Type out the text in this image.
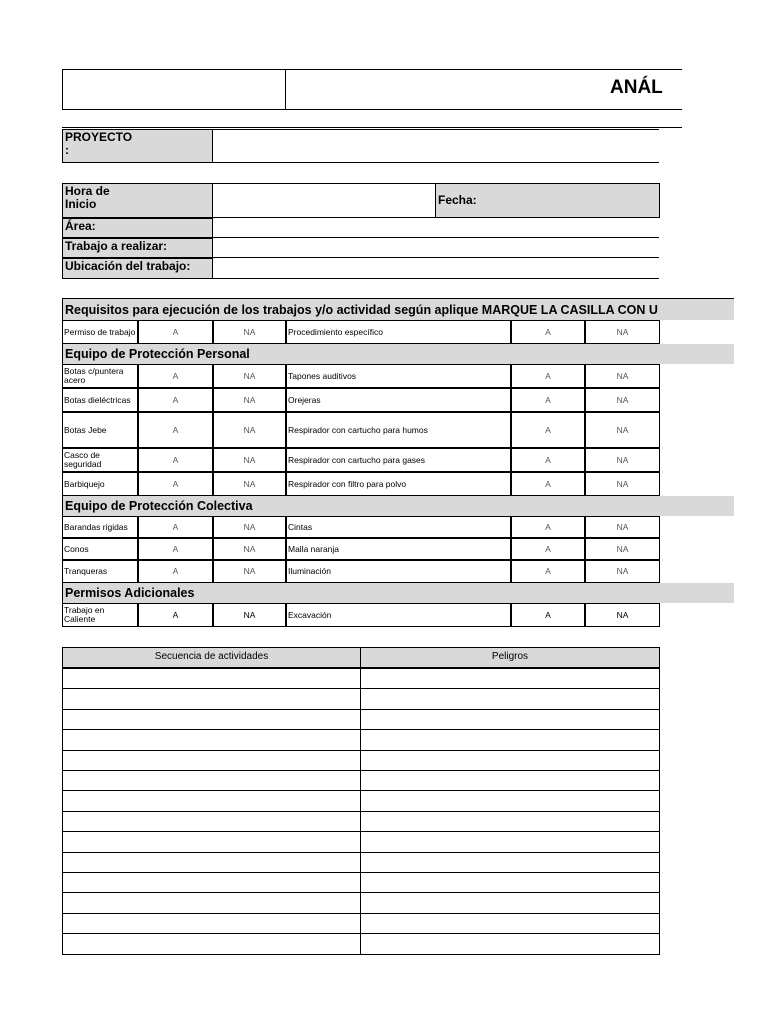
ANÁL
PROYECTO
:
Hora de
Inicio	Fecha:
Área:
Trabajo a realizar:
Ubicación del trabajo:
Requisitos para ejecución de los trabajos y/o actividad según aplique MARQUE LA CASILLA CON U
Permiso de trabajo	A	NA	Procedimiento específico	A	NA
Equipo de Protección Personal
Botas c/puntera acero	A	NA	Tapones auditivos	A	NA
Botas dieléctricas	A	NA	Orejeras	A	NA
Botas Jebe	A	NA	Respirador con cartucho para humos	A	NA
Casco de seguridad	A	NA	Respirador con cartucho para gases	A	NA
Barbiquejo	A	NA	Respirador con filtro para polvo	A	NA
Equipo de Protección Colectiva
Barandas rigidas	A	NA	Cintas	A	NA
Conos	A	NA	Malla naranja	A	NA
Tranqueras	A	NA	Iluminación	A	NA
Permisos Adicionales
Trabajo en Caliente	A	NA	Excavación	A	NA
Secuencia de actividades	Peligros
